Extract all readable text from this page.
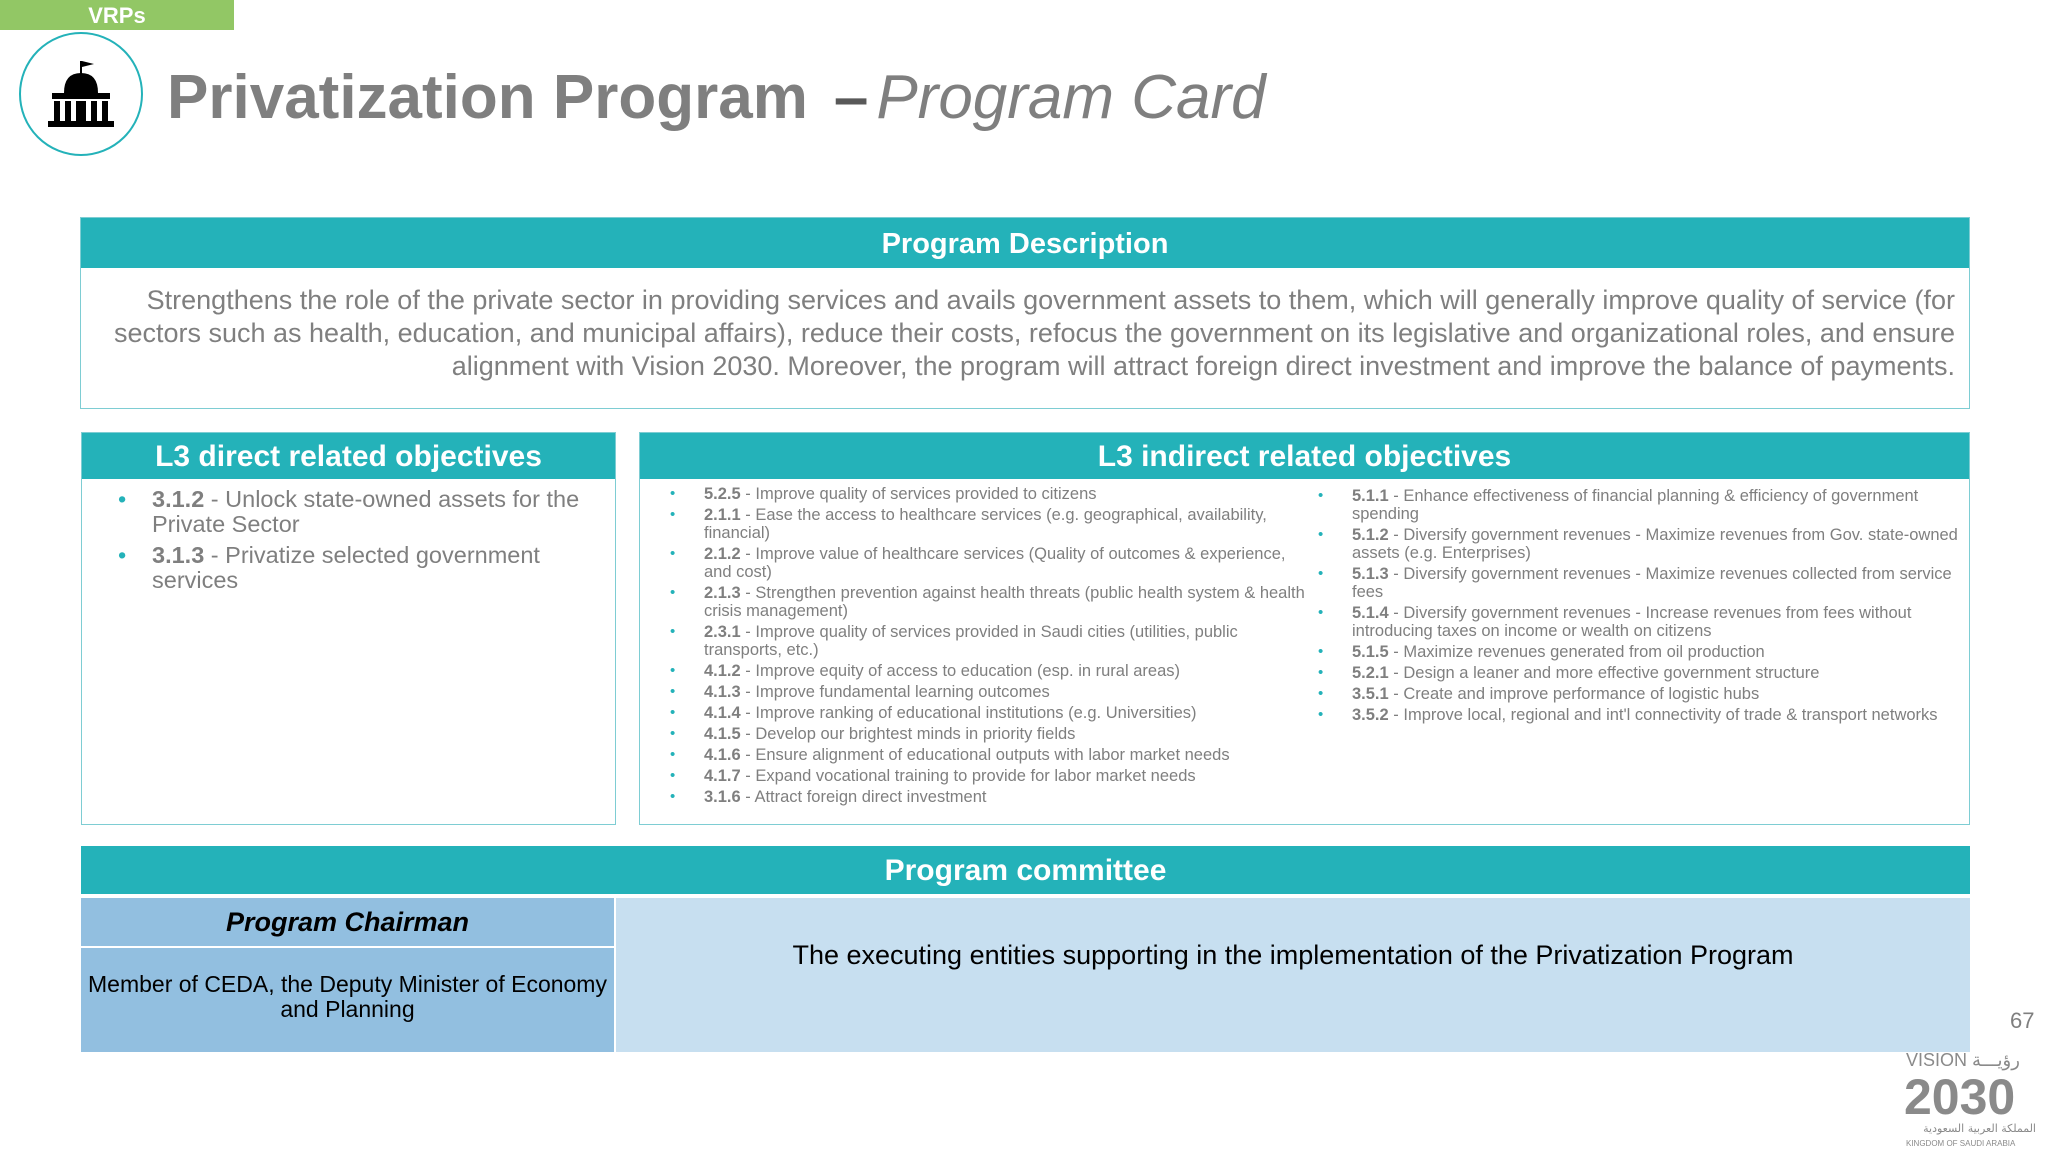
VRPs
Privatization Program – Program Card
Program Description
Strengthens the role of the private sector in providing services and avails government assets to them, which will generally improve quality of service (for sectors such as health, education, and municipal affairs), reduce their costs, refocus the government on its legislative and organizational roles, and ensure alignment with Vision 2030. Moreover, the program will attract foreign direct investment and improve the balance of payments.
L3 direct related objectives
• 3.1.2 - Unlock state-owned assets for the Private Sector
• 3.1.3 - Privatize selected government services
L3 indirect related objectives
• 5.2.5 - Improve quality of services provided to citizens
• 2.1.1 - Ease the access to healthcare services (e.g. geographical, availability, financial)
• 2.1.2 - Improve value of healthcare services (Quality of outcomes & experience, and cost)
• 2.1.3 - Strengthen prevention against health threats (public health system & health crisis management)
• 2.3.1 - Improve quality of services provided in Saudi cities (utilities, public transports, etc.)
• 4.1.2 - Improve equity of access to education (esp. in rural areas)
• 4.1.3 - Improve fundamental learning outcomes
• 4.1.4 - Improve ranking of educational institutions (e.g. Universities)
• 4.1.5 - Develop our brightest minds in priority fields
• 4.1.6 - Ensure alignment of educational outputs with labor market needs
• 4.1.7 - Expand vocational training to provide for labor market needs
• 3.1.6 - Attract foreign direct investment
• 5.1.1 - Enhance effectiveness of financial planning & efficiency of government spending
• 5.1.2 - Diversify government revenues - Maximize revenues from Gov. state-owned assets (e.g. Enterprises)
• 5.1.3 - Diversify government revenues - Maximize revenues collected from service fees
• 5.1.4 - Diversify government revenues - Increase revenues from fees without introducing taxes on income or wealth on citizens
• 5.1.5 - Maximize revenues generated from oil production
• 5.2.1 - Design a leaner and more effective government structure
• 3.5.1 - Create and improve performance of logistic hubs
• 3.5.2 - Improve local, regional and int'l connectivity of trade & transport networks
Program committee
Program Chairman
Member of CEDA, the Deputy Minister of Economy and Planning
The executing entities supporting in the implementation of the Privatization Program
67
VISION رؤيـــة
2030
المملكة العربية السعودية
KINGDOM OF SAUDI ARABIA
